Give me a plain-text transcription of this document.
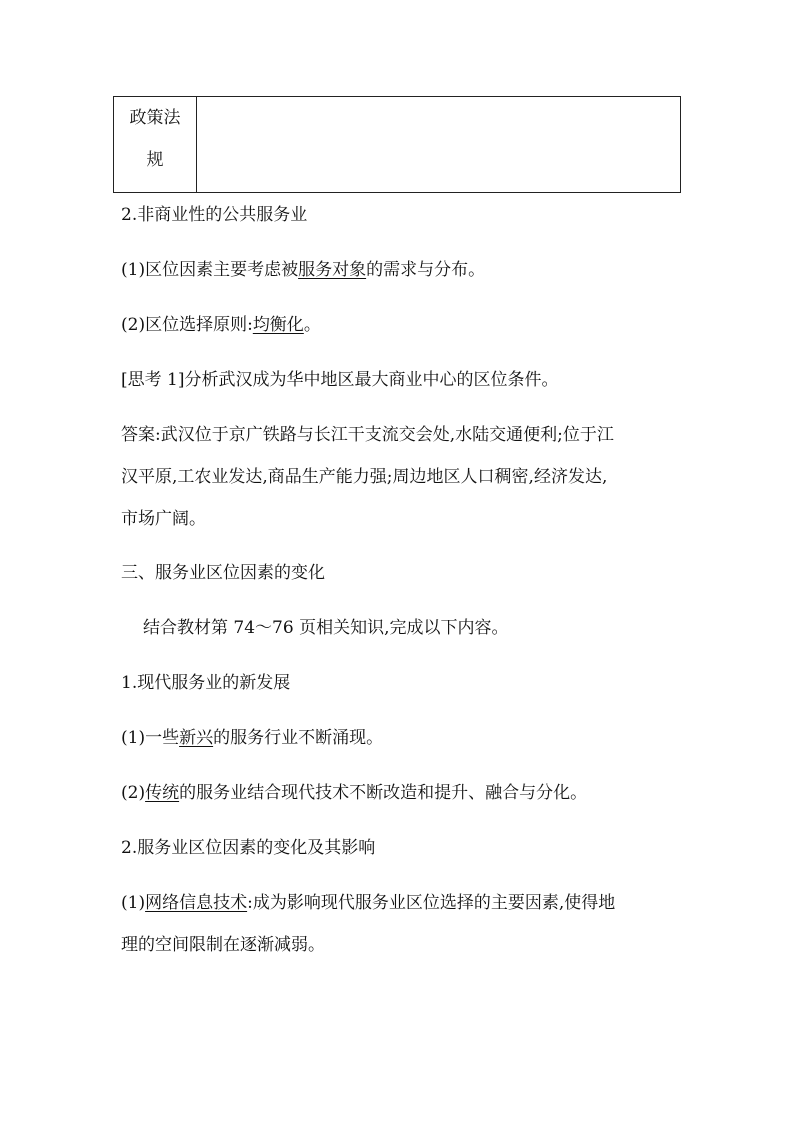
政策法
规

2.非商业性的公共服务业
(1)区位因素主要考虑被服务对象的需求与分布。
(2)区位选择原则:均衡化。
[思考 1]分析武汉成为华中地区最大商业中心的区位条件。
答案:武汉位于京广铁路与长江干支流交会处,水陆交通便利;位于江
汉平原,工农业发达,商品生产能力强;周边地区人口稠密,经济发达,
市场广阔。
三、服务业区位因素的变化
结合教材第 74～76 页相关知识,完成以下内容。
1.现代服务业的新发展
(1)一些新兴的服务行业不断涌现。
(2)传统的服务业结合现代技术不断改造和提升、融合与分化。
2.服务业区位因素的变化及其影响
(1)网络信息技术:成为影响现代服务业区位选择的主要因素,使得地
理的空间限制在逐渐减弱。
